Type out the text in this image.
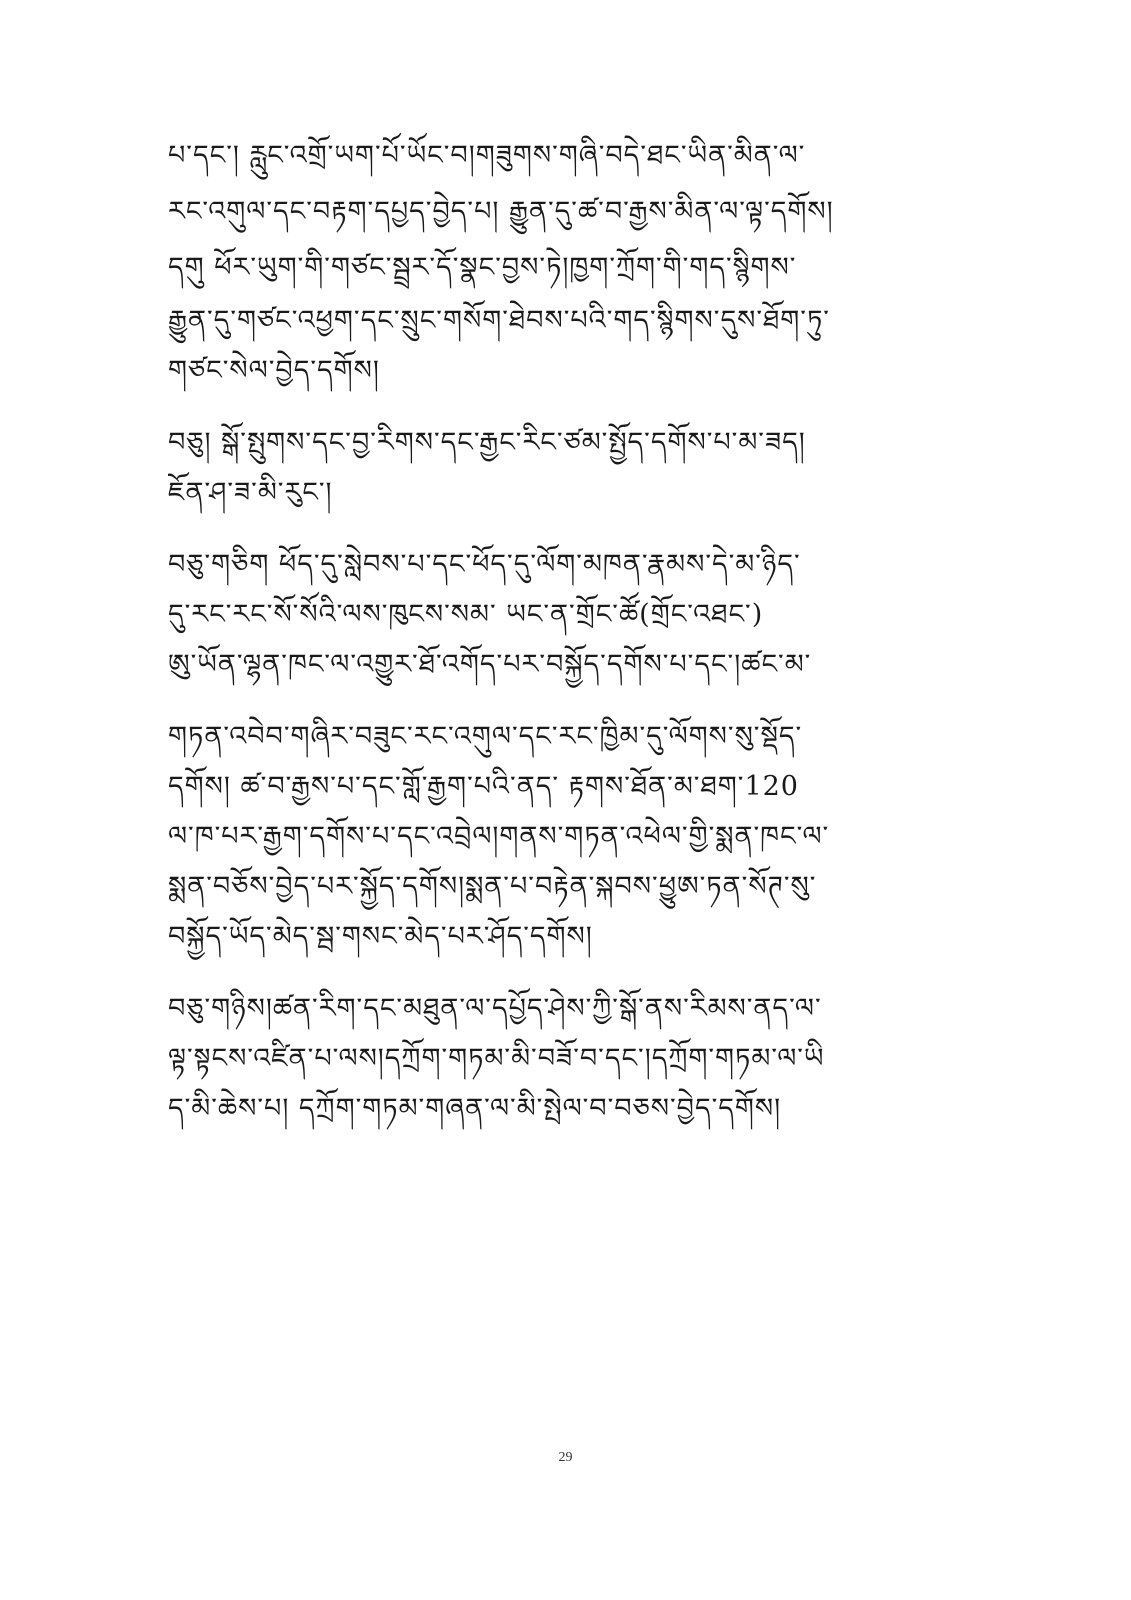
པ་དང་། རླུང་འགྲོ་ཡག་པོ་ཡོང་བ།གཟུགས་གཞི་བདེ་ཐང་ཡིན་མིན་ལ་
རང་འགུལ་དང་བརྟག་དཔྱད་བྱེད་པ། རྒྱུན་དུ་ཚ་བ་རྒྱས་མིན་ལ་ལྟ་དགོས།
དགུ ཕོར་ཡུག་གི་གཙང་སྦྲར་དོ་སྣང་བྱས་ཏེ།ཁྱག་ཀྲོག་གི་གད་སྙིགས་
རྒྱུན་དུ་གཙང་འཕྱག་དང་སྲུང་གསོག་ཐེབས་པའི་གད་སྙིགས་དུས་ཐོག་ཏུ་
གཙང་སེལ་བྱེད་དགོས།
བཅུ། སྒོ་སྤུགས་དང་བྱ་རིགས་དང་རྒྱང་རིང་ཙམ་སྤྱོད་དགོས་པ་མ་ཟད།
ཇོན་ཤ་ཟ་མི་རུང་།
བཅུ་གཅིག ཕོད་དུ་སླེབས་པ་དང་ཕོད་དུ་ལོག་མཁན་རྣམས་དེ་མ་ཉིད་
དུ་རང་རང་སོ་སོའི་ལས་ཁུངས་སམ་ ཡང་ན་གྲོང་ཚོ(གྲོང་འཐང་)
ཨུ་ཡོན་ལྷན་ཁང་ལ་འགྱུར་ཐོ་འགོད་པར་བསྐྱོད་དགོས་པ་དང་།ཚང་མ་
གཏན་འབེབ་གཞིར་བཟུང་རང་འགུལ་དང་རང་ཁྱིམ་དུ་ལོགས་སུ་སྡོད་
དགོས། ཚ་བ་རྒྱས་པ་དང་གློ་རྒྱག་པའི་ནད་ རྟགས་ཐོན་མ་ཐག་120
ལ་ཁ་པར་རྒྱག་དགོས་པ་དང་འབྲེལ།གནས་གཏན་འཕེལ་གྱི་སྨན་ཁང་ལ་
སྨན་བཅོས་བྱེད་པར་སྐྱོད་དགོས།སྨན་པ་བརྟེན་སྐབས་ཕྱུཨ་ཏན་སོཊ་སུ་
བསྐྱོད་ཡོད་མེད་སྦ་གསང་མེད་པར་ཤོད་དགོས།
བཅུ་གཉིས།ཚན་རིག་དང་མཐུན་ལ་དཔྱོད་ཤེས་ཀྱི་སྒོ་ནས་རིམས་ནད་ལ་
ལྟ་སྟངས་འཛིན་པ་ལས།དཀྲོག་གཏམ་མི་བཟོ་བ་དང་།དཀྲོག་གཏམ་ལ་ཡི
ད་མི་ཆེས་པ། དཀྲོག་གཏམ་གཞན་ལ་མི་སྤེལ་བ་བཅས་བྱེད་དགོས།
29
